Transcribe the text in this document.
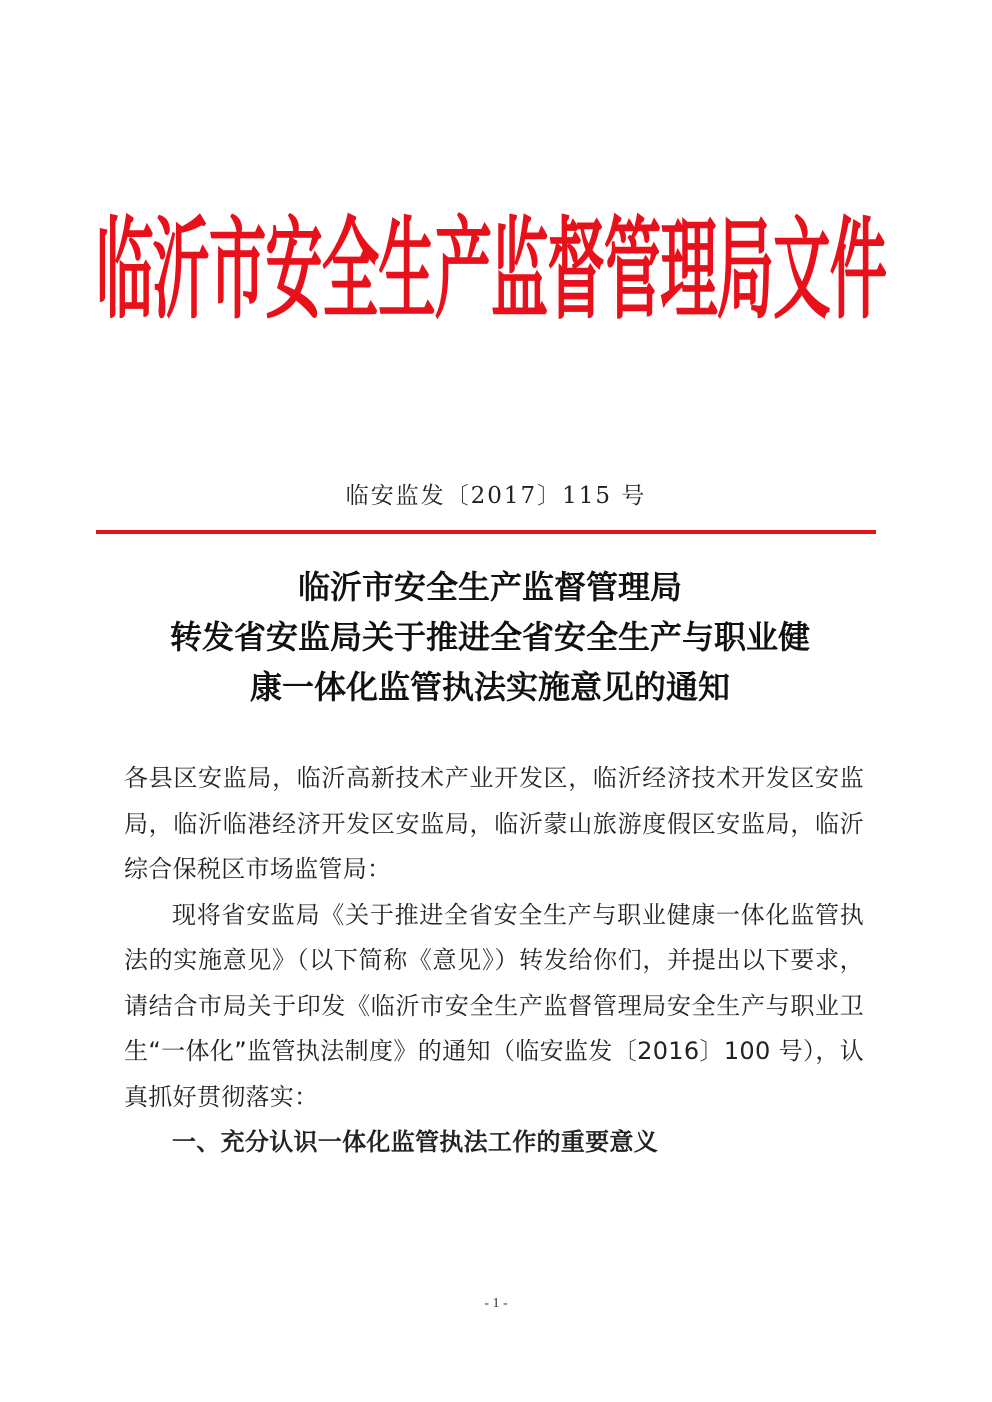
临沂市安全生产监督管理局文件
临安监发〔2017〕115 号
临沂市安全生产监督管理局
转发省安监局关于推进全省安全生产与职业健
康一体化监管执法实施意见的通知

各县区安监局，临沂高新技术产业开发区，临沂经济技术开发区安监局，临沂临港经济开发区安监局，临沂蒙山旅游度假区安监局，临沂综合保税区市场监管局：

现将省安监局《关于推进全省安全生产与职业健康一体化监管执法的实施意见》（以下简称《意见》）转发给你们，并提出以下要求，请结合市局关于印发《临沂市安全生产监督管理局安全生产与职业卫生“一体化”监管执法制度》的通知（临安监发〔2016〕100 号），认真抓好贯彻落实：

一、充分认识一体化监管执法工作的重要意义

- 1 -
